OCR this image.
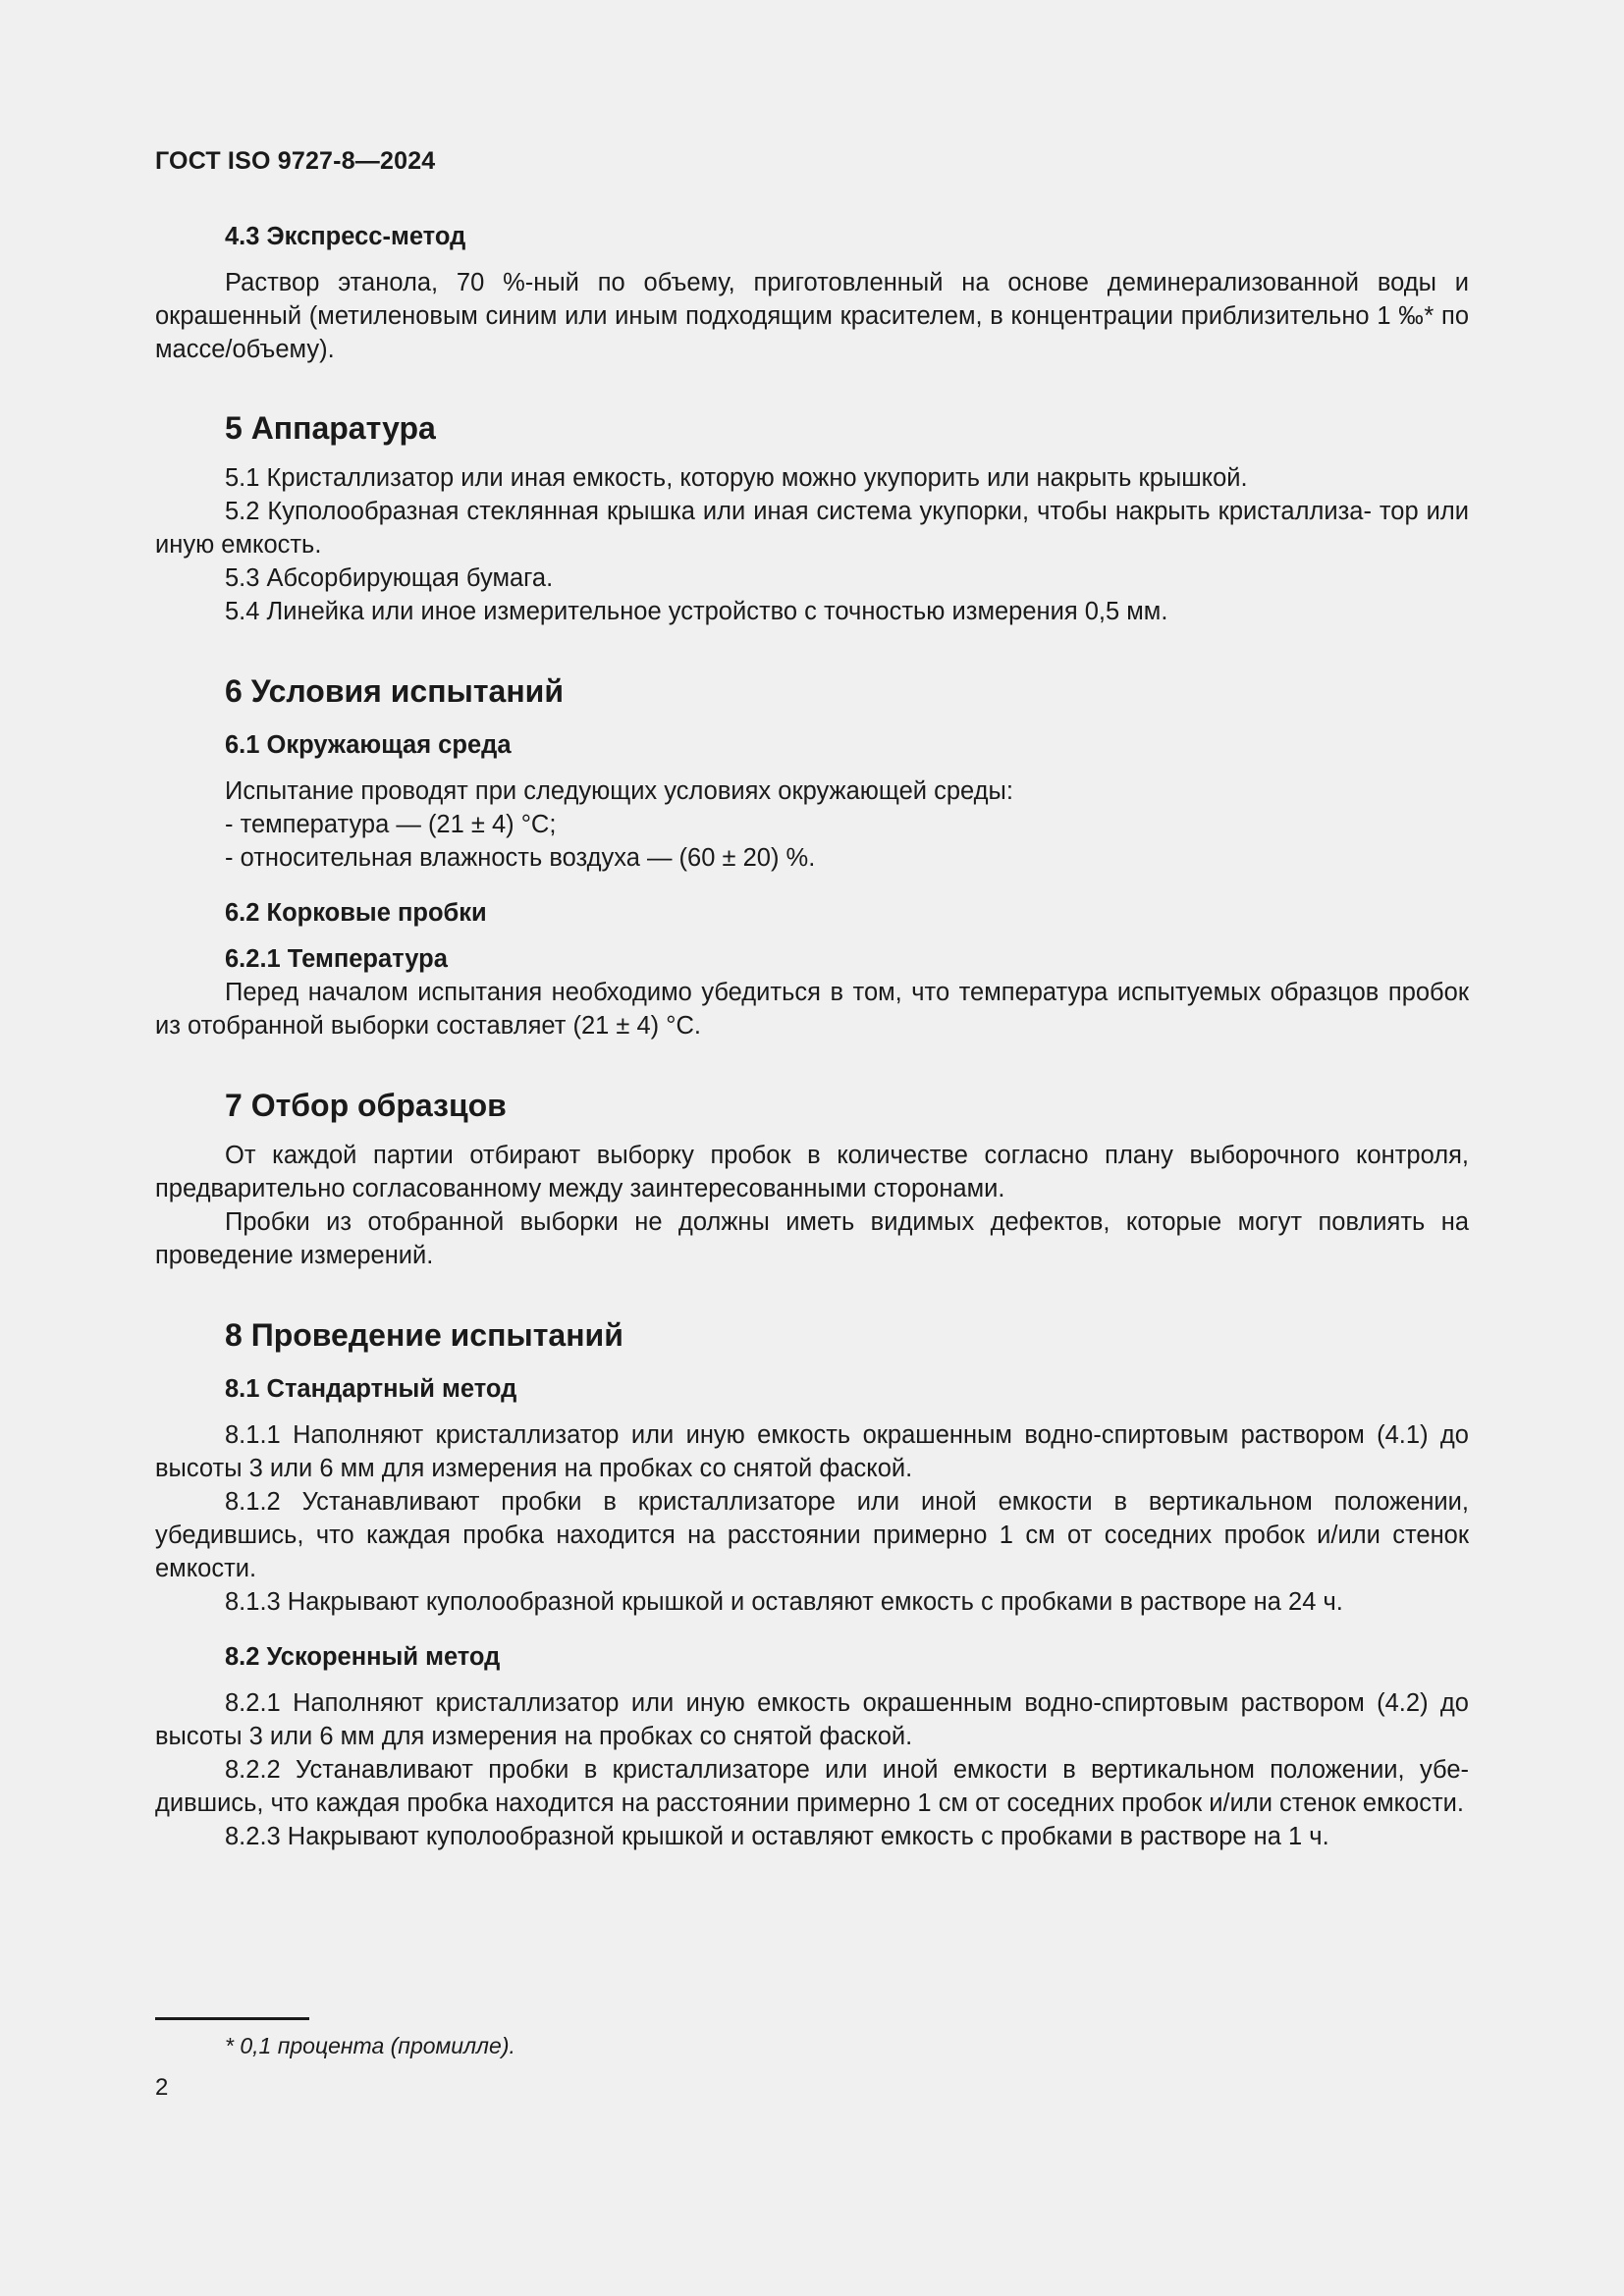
ГОСТ ISO 9727-8—2024
4.3 Экспресс-метод

Раствор этанола, 70 %-ный по объему, приготовленный на основе деминерализованной воды и окрашенный (метиленовым синим или иным подходящим красителем, в концентрации приблизительно 1 ‰* по массе/объему).

5 Аппаратура

5.1 Кристаллизатор или иная емкость, которую можно укупорить или накрыть крышкой.

5.2 Куполообразная стеклянная крышка или иная система укупорки, чтобы накрыть кристаллиза- тор или иную емкость.

5.3 Абсорбирующая бумага.

5.4 Линейка или иное измерительное устройство с точностью измерения 0,5 мм.

6 Условия испытаний
6.1 Окружающая среда

Испытание проводят при следующих условиях окружающей среды:

- температура — (21 ± 4) °С;

- относительная влажность воздуха — (60 ± 20) %.

6.2 Корковые пробки
6.2.1 Температура

Перед началом испытания необходимо убедиться в том, что температура испытуемых образцов пробок из отобранной выборки составляет (21 ± 4) °С.

7 Отбор образцов

От каждой партии отбирают выборку пробок в количестве согласно плану выборочного контроля, предварительно согласованному между заинтересованными сторонами.

Пробки из отобранной выборки не должны иметь видимых дефектов, которые могут повлиять на проведение измерений.

8 Проведение испытаний
8.1 Стандартный метод

8.1.1 Наполняют кристаллизатор или иную емкость окрашенным водно-спиртовым раствором (4.1) до высоты 3 или 6 мм для измерения на пробках со снятой фаской.

8.1.2 Устанавливают пробки в кристаллизаторе или иной емкости в вертикальном положении, убедившись, что каждая пробка находится на расстоянии примерно 1 см от соседних пробок и/или стенок емкости.

8.1.3 Накрывают куполообразной крышкой и оставляют емкость с пробками в растворе на 24 ч.

8.2 Ускоренный метод

8.2.1 Наполняют кристаллизатор или иную емкость окрашенным водно-спиртовым раствором (4.2) до высоты 3 или 6 мм для измерения на пробках со снятой фаской.

8.2.2 Устанавливают пробки в кристаллизаторе или иной емкости в вертикальном положении, убе- дившись, что каждая пробка находится на расстоянии примерно 1 см от соседних пробок и/или стенок емкости.

8.2.3 Накрывают куполообразной крышкой и оставляют емкость с пробками в растворе на 1 ч.

* 0,1 процента (промилле).
2
